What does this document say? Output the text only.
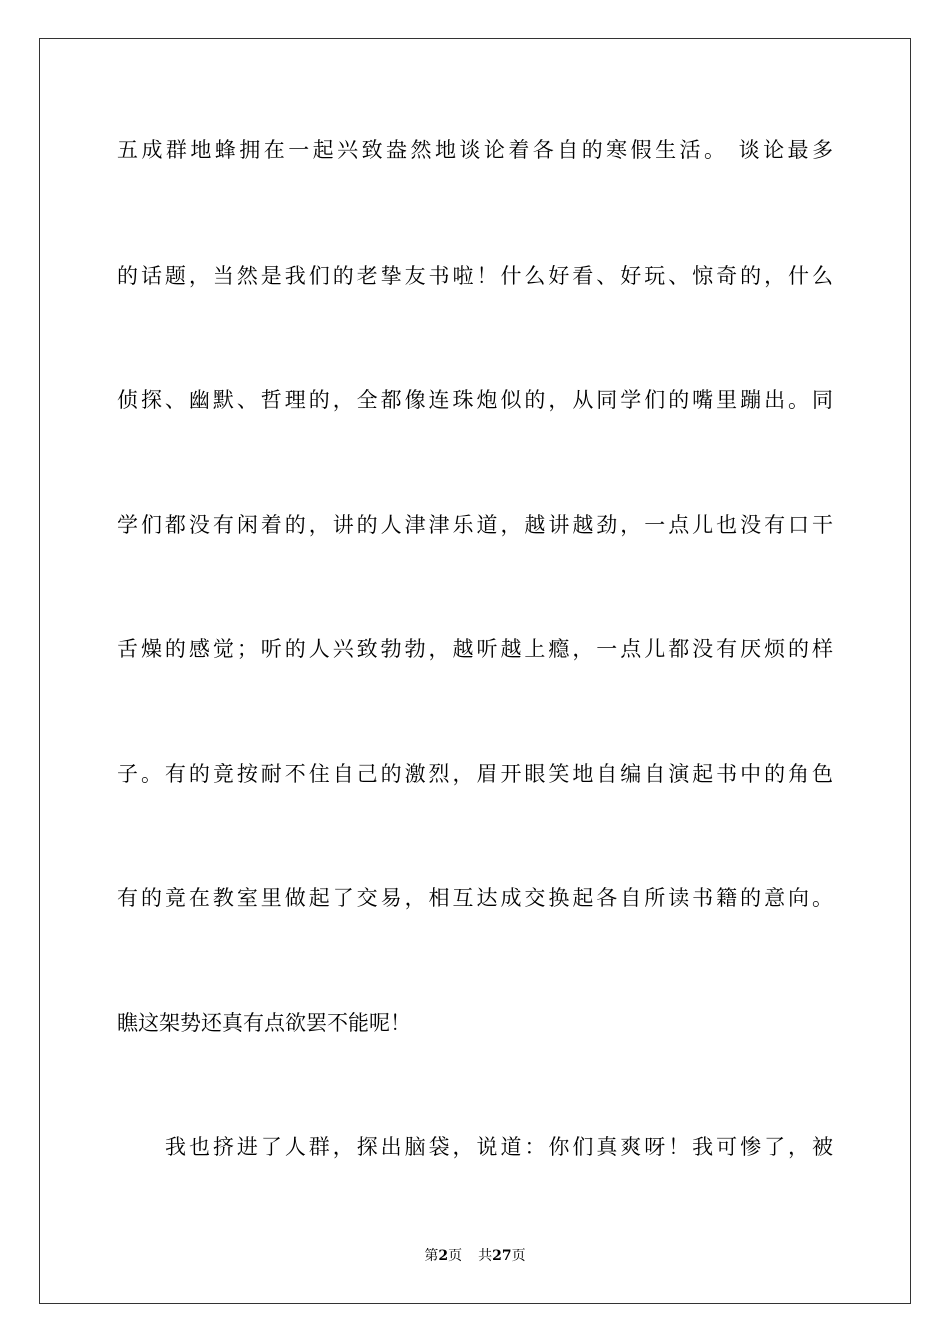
五成群地蜂拥在一起兴致盎然地谈论着各自的寒假生活。 谈论最多
的话题，当然是我们的老挚友书啦！什么好看、好玩、惊奇的，什么
侦探、幽默、哲理的，全都像连珠炮似的，从同学们的嘴里蹦出。同
学们都没有闲着的，讲的人津津乐道，越讲越劲，一点儿也没有口干
舌燥的感觉；听的人兴致勃勃，越听越上瘾，一点儿都没有厌烦的样
子。有的竟按耐不住自己的激烈，眉开眼笑地自编自演起书中的角色
有的竟在教室里做起了交易，相互达成交换起各自所读书籍的意向。
瞧这架势还真有点欲罢不能呢！
我也挤进了人群，探出脑袋，说道：你们真爽呀！我可惨了，被
第2页 共27页
